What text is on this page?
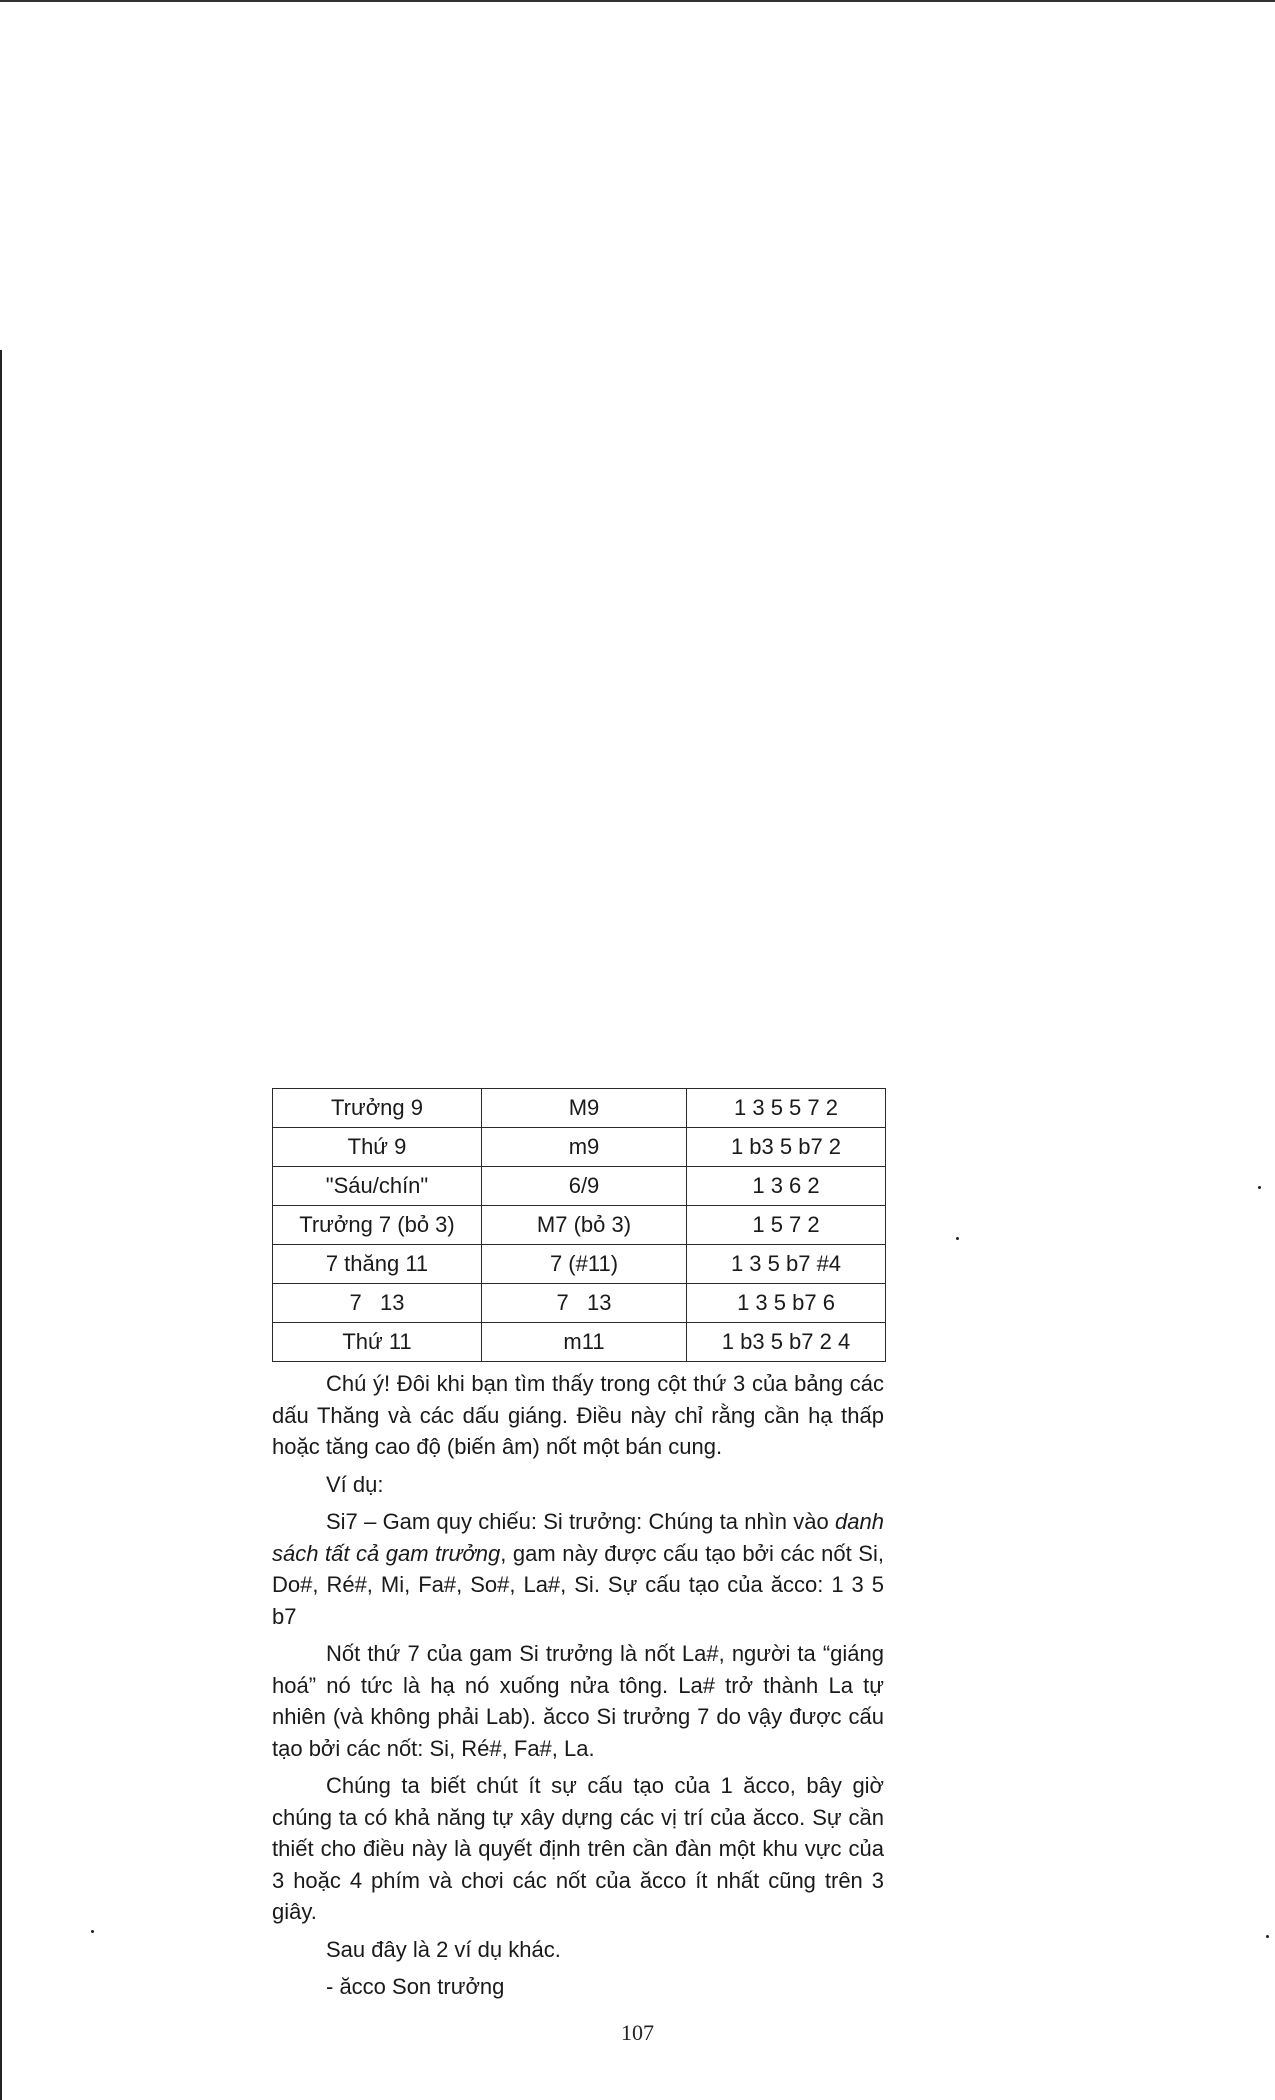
Trưởng 9	M9	1 3 5 5 7 2
Thứ 9	m9	1 b3 5 b7 2
"Sáu/chín"	6/9	1 3 6 2
Trưởng 7 (bỏ 3)	M7 (bỏ 3)	1 5 7 2
7 thăng 11	7 (#11)	1 3 5 b7 #4
7   13	7   13	1 3 5 b7 6
Thứ 11	m11	1 b3 5 b7 2 4

Chú ý! Đôi khi bạn tìm thấy trong cột thứ 3 của bảng các dấu Thăng và các dấu giáng. Điều này chỉ rằng cần hạ thấp hoặc tăng cao độ (biến âm) nốt một bán cung.

Ví dụ:

Si7 – Gam quy chiếu: Si trưởng: Chúng ta nhìn vào danh sách tất cả gam trưởng, gam này được cấu tạo bởi các nốt Si, Do#, Ré#, Mi, Fa#, So#, La#, Si. Sự cấu tạo của ăcco: 1 3 5 b7

Nốt thứ 7 của gam Si trưởng là nốt La#, người ta “giáng hoá” nó tức là hạ nó xuống nửa tông. La# trở thành La tự nhiên (và không phải Lab). ăcco Si trưởng 7 do vậy được cấu tạo bởi các nốt: Si, Ré#, Fa#, La.

Chúng ta biết chút ít sự cấu tạo của 1 ăcco, bây giờ chúng ta có khả năng tự xây dựng các vị trí của ăcco. Sự cần thiết cho điều này là quyết định trên cần đàn một khu vực của 3 hoặc 4 phím và chơi các nốt của ăcco ít nhất cũng trên 3 giây.

Sau đây là 2 ví dụ khác.

- ăcco Son trưởng

107
